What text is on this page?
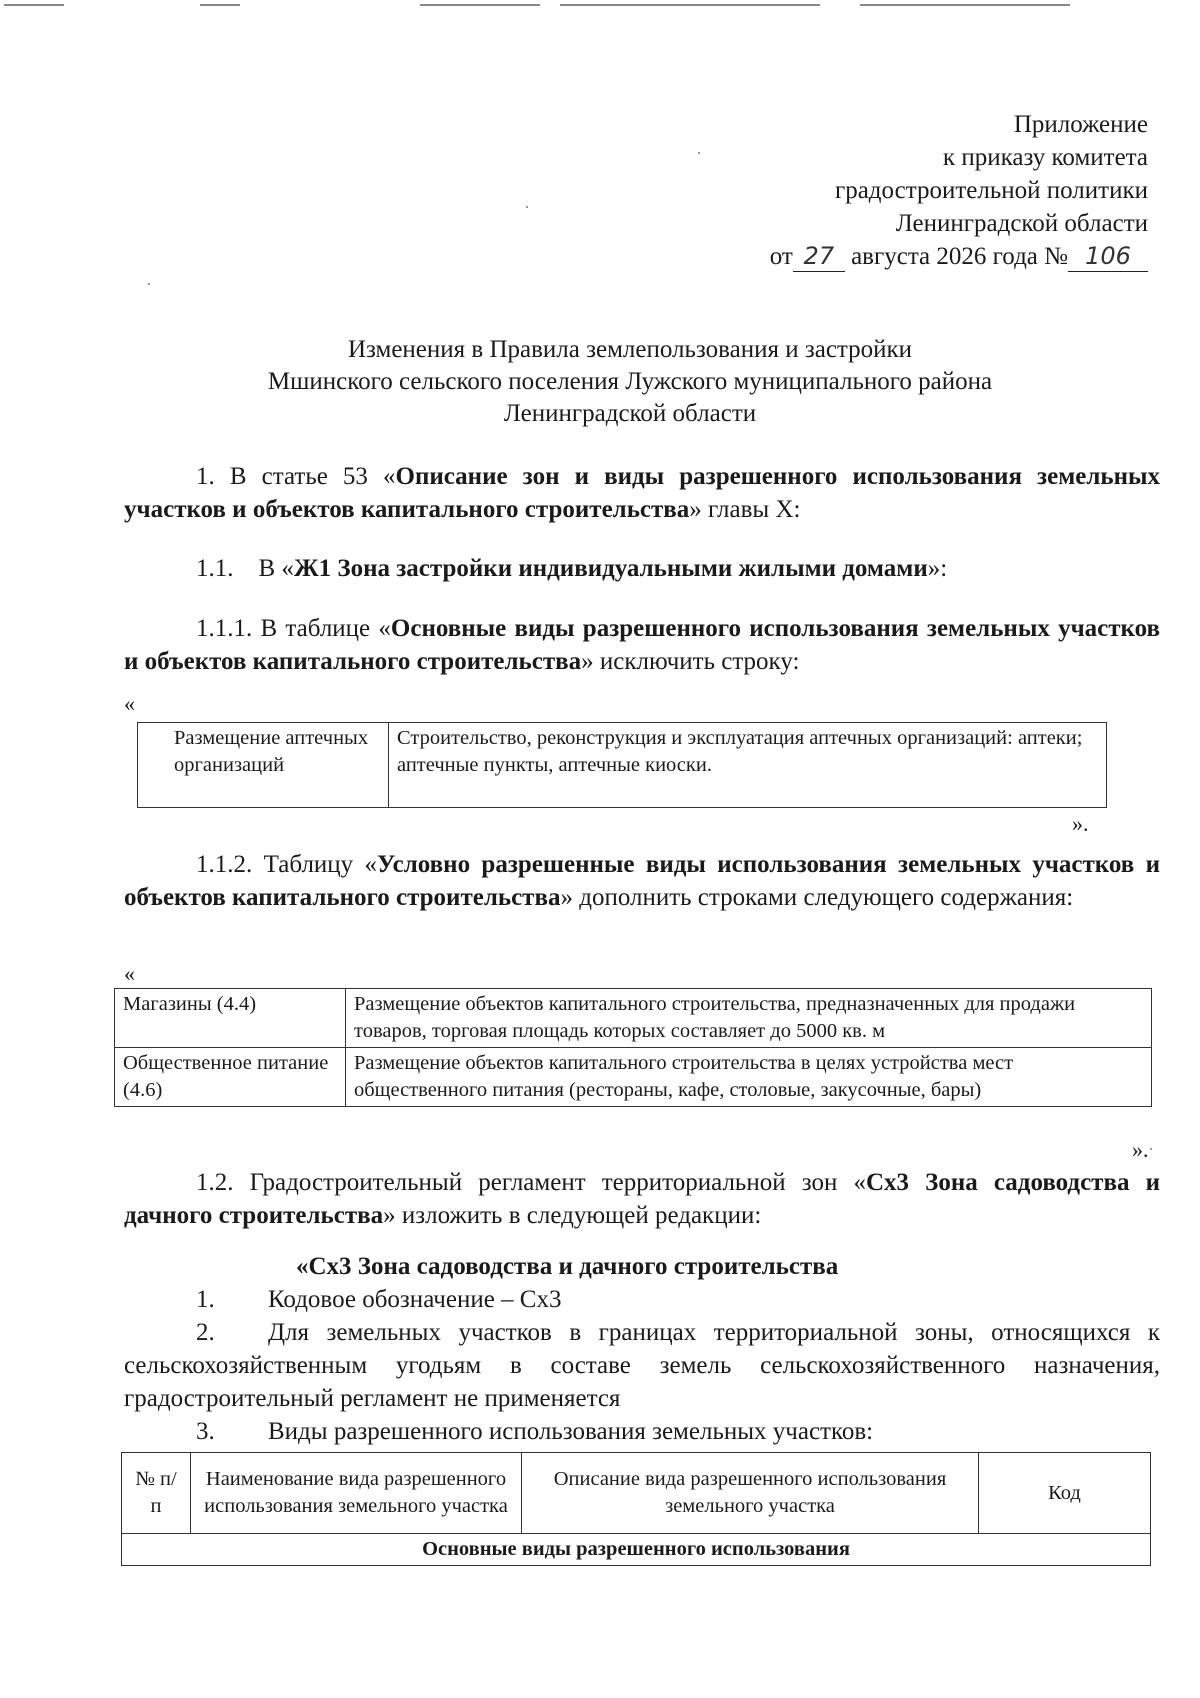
Приложение
к приказу комитета
градостроительной политики
Ленинградской области
от 27 августа 2026 года № 106
Изменения в Правила землепользования и застройки
Мшинского сельского поселения Лужского муниципального района
Ленинградской области
1. В статье 53 «Описание зон и виды разрешенного использования земельных участков и объектов капитального строительства» главы X:
1.1.    В «Ж1 Зона застройки индивидуальными жилыми домами»:
1.1.1. В таблице «Основные виды разрешенного использования земельных участков и объектов капитального строительства» исключить строку:
«
Размещение аптечных организаций	Строительство, реконструкция и эксплуатация аптечных организаций: аптеки; аптечные пункты, аптечные киоски.
».
1.1.2. Таблицу «Условно разрешенные виды использования земельных участков и объектов капитального строительства» дополнить строками следующего содержания:
«
Магазины (4.4)	Размещение объектов капитального строительства, предназначенных для продажи товаров, торговая площадь которых составляет до 5000 кв. м
Общественное питание (4.6)	Размещение объектов капитального строительства в целях устройства мест общественного питания (рестораны, кафе, столовые, закусочные, бары)
».
1.2. Градостроительный регламент территориальной зон «Сх3 Зона садоводства и дачного строительства» изложить в следующей редакции:
«Сх3 Зона садоводства и дачного строительства
1. Кодовое обозначение – Сх3
2. Для земельных участков в границах территориальной зоны, относящихся к сельскохозяйственным угодьям в составе земель сельскохозяйственного назначения, градостроительный регламент не применяется
3. Виды разрешенного использования земельных участков:
№ п/п	Наименование вида разрешенного использования земельного участка	Описание вида разрешенного использования земельного участка	Код
Основные виды разрешенного использования
